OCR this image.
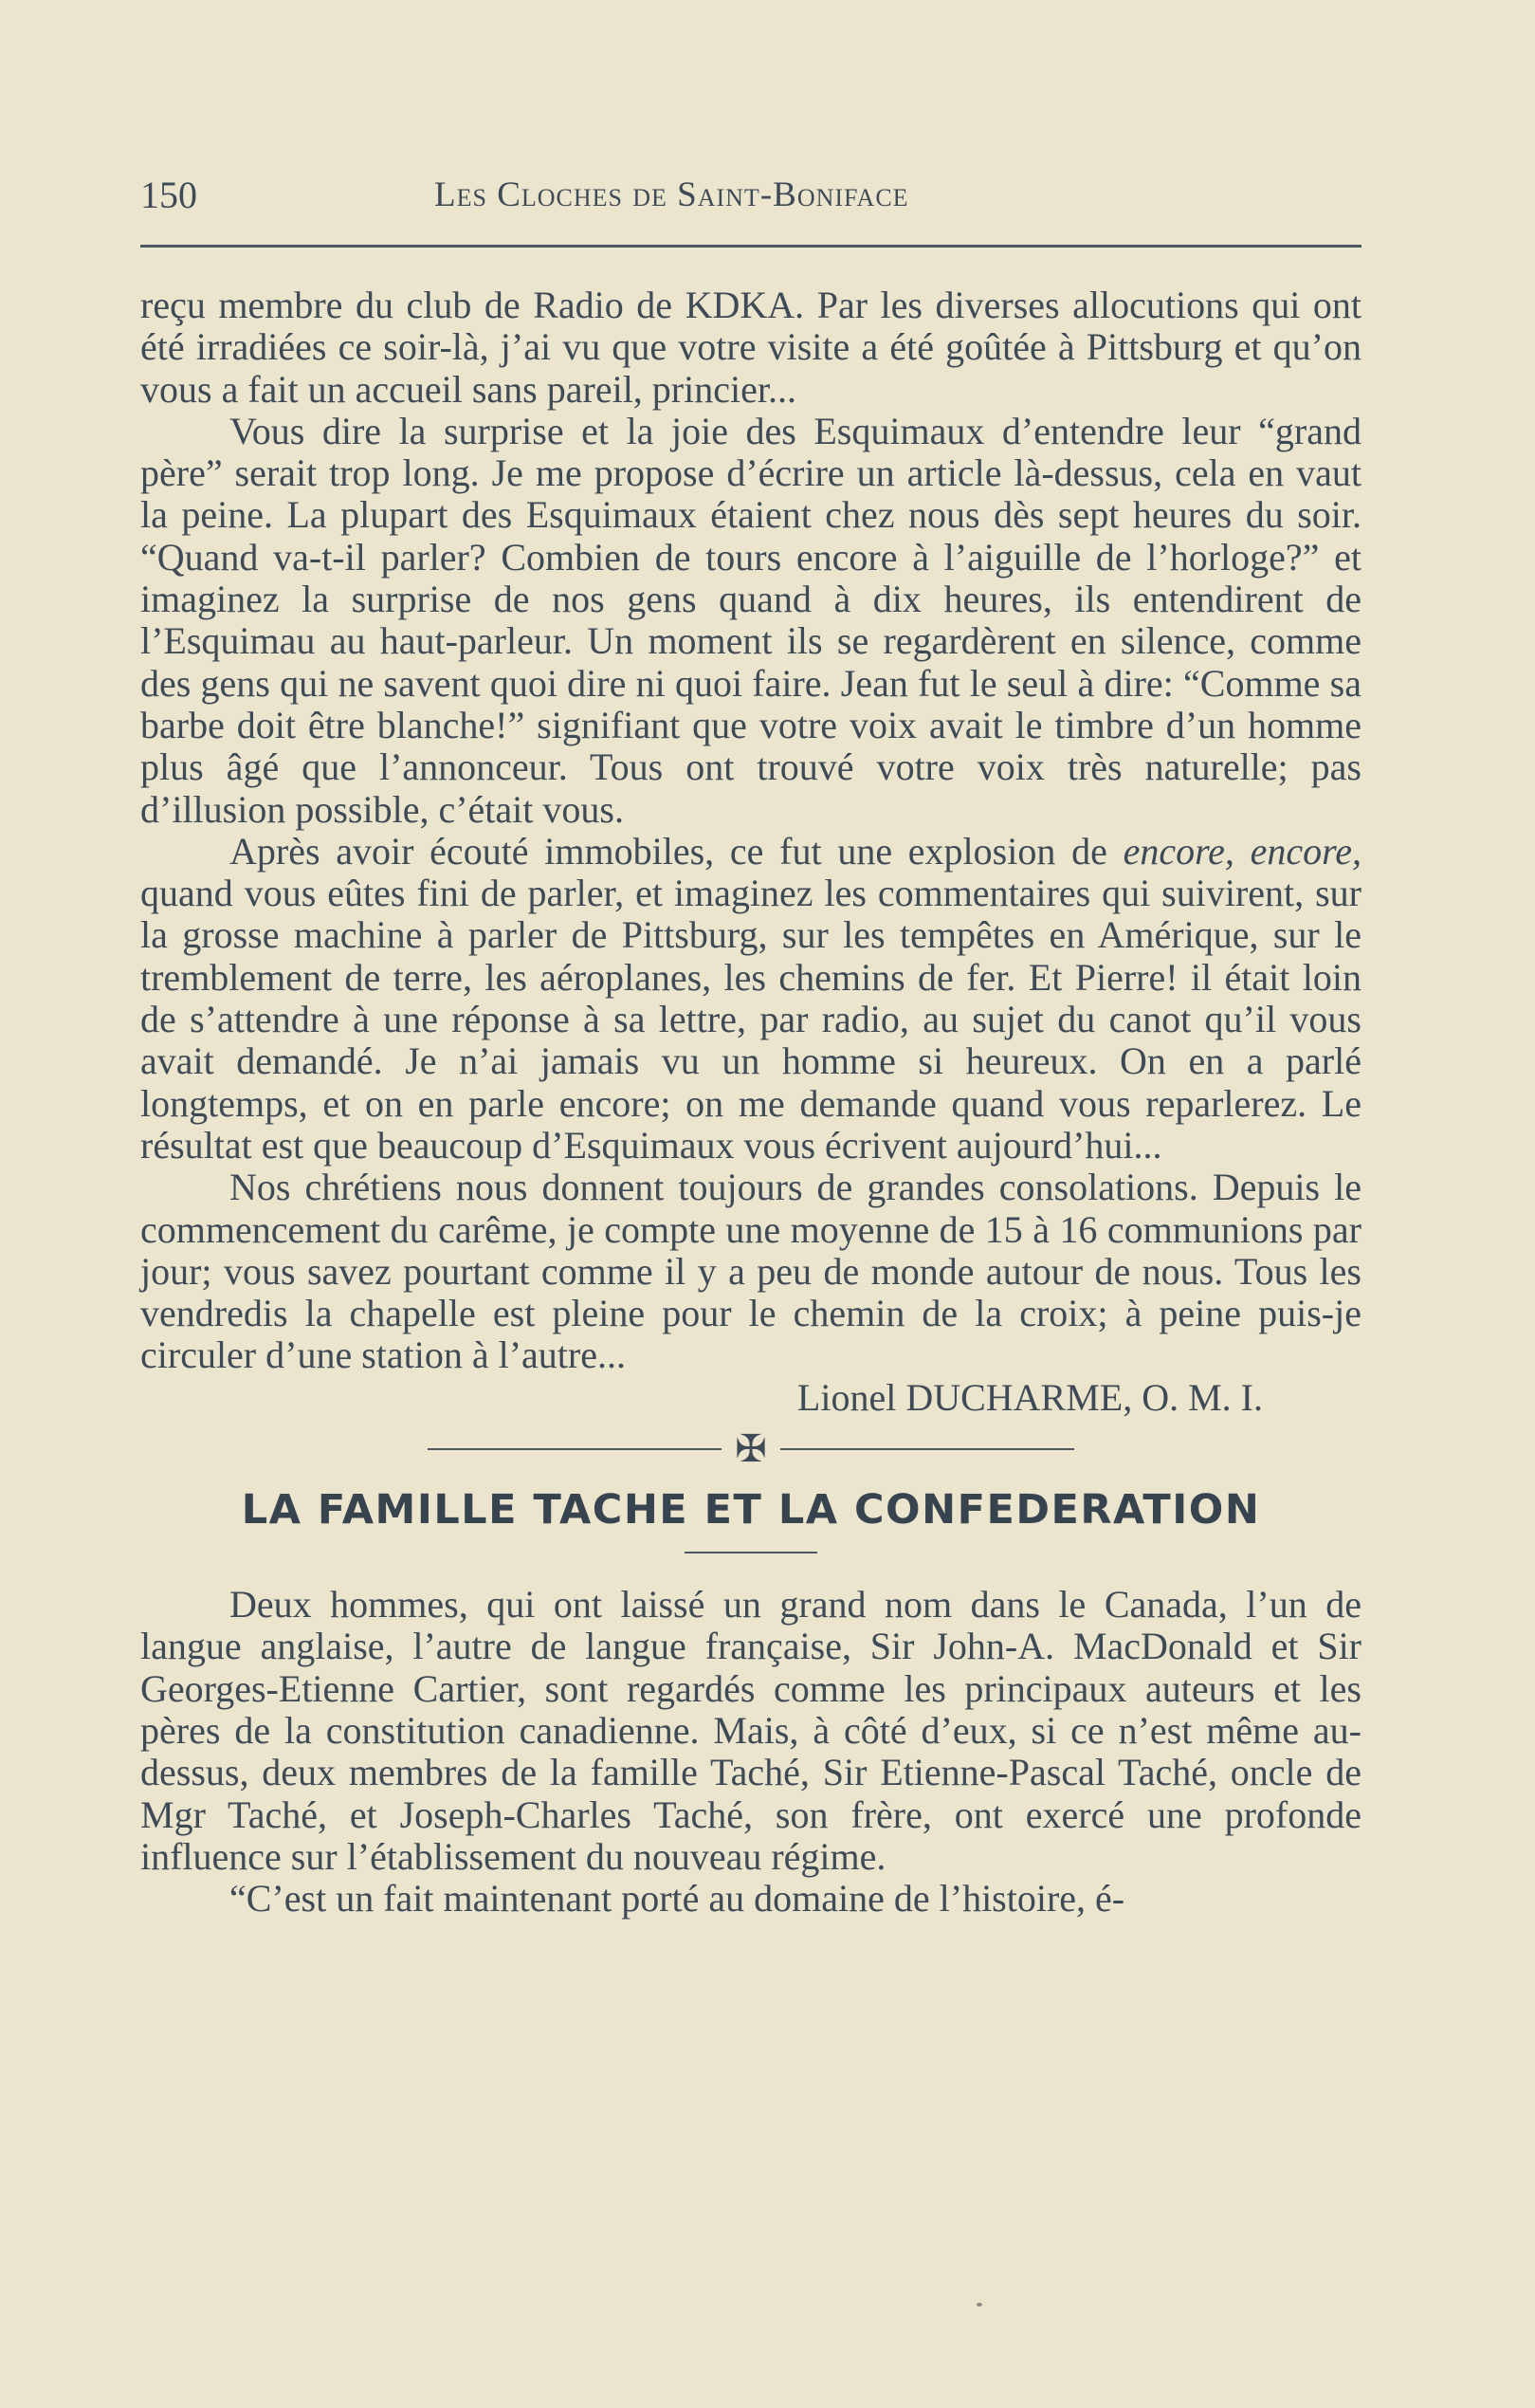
150	Les Cloches de Saint-Boniface

reçu membre du club de Radio de KDKA. Par les diverses allocutions qui ont été irradiées ce soir-là, j’ai vu que votre visite a été goûtée à Pittsburg et qu’on vous a fait un accueil sans pareil, princier...

Vous dire la surprise et la joie des Esquimaux d’entendre leur “grand père” serait trop long. Je me propose d’écrire un article là-dessus, cela en vaut la peine. La plupart des Esquimaux étaient chez nous dès sept heures du soir. “Quand va-t-il parler? Combien de tours encore à l’aiguille de l’horloge?” et imaginez la surprise de nos gens quand à dix heures, ils entendirent de l’Esquimau au haut-parleur. Un moment ils se regardèrent en silence, comme des gens qui ne savent quoi dire ni quoi faire. Jean fut le seul à dire: “Comme sa barbe doit être blanche!” signifiant que votre voix avait le timbre d’un homme plus âgé que l’annonceur. Tous ont trouvé votre voix très naturelle; pas d’illusion possible, c’était vous.

Après avoir écouté immobiles, ce fut une explosion de encore, encore, quand vous eûtes fini de parler, et imaginez les commentaires qui suivirent, sur la grosse machine à parler de Pittsburg, sur les tempêtes en Amérique, sur le tremblement de terre, les aéroplanes, les chemins de fer. Et Pierre! il était loin de s’attendre à une réponse à sa lettre, par radio, au sujet du canot qu’il vous avait demandé. Je n’ai jamais vu un homme si heureux. On en a parlé longtemps, et on en parle encore; on me demande quand vous reparlerez. Le résultat est que beaucoup d’Esquimaux vous écrivent aujourd’hui...

Nos chrétiens nous donnent toujours de grandes consolations. Depuis le commencement du carême, je compte une moyenne de 15 à 16 communions par jour; vous savez pourtant comme il y a peu de monde autour de nous. Tous les vendredis la chapelle est pleine pour le chemin de la croix; à peine puis-je circuler d’une station à l’autre...

Lionel DUCHARME, O. M. I.

✠
LA FAMILLE TACHE ET LA CONFEDERATION

Deux hommes, qui ont laissé un grand nom dans le Canada, l’un de langue anglaise, l’autre de langue française, Sir John-A. MacDonald et Sir Georges-Etienne Cartier, sont regardés comme les principaux auteurs et les pères de la constitution canadienne. Mais, à côté d’eux, si ce n’est même au-dessus, deux membres de la famille Taché, Sir Etienne-Pascal Taché, oncle de Mgr Taché, et Joseph-Charles Taché, son frère, ont exercé une profonde influence sur l’établissement du nouveau régime.

“C’est un fait maintenant porté au domaine de l’histoire, é-
